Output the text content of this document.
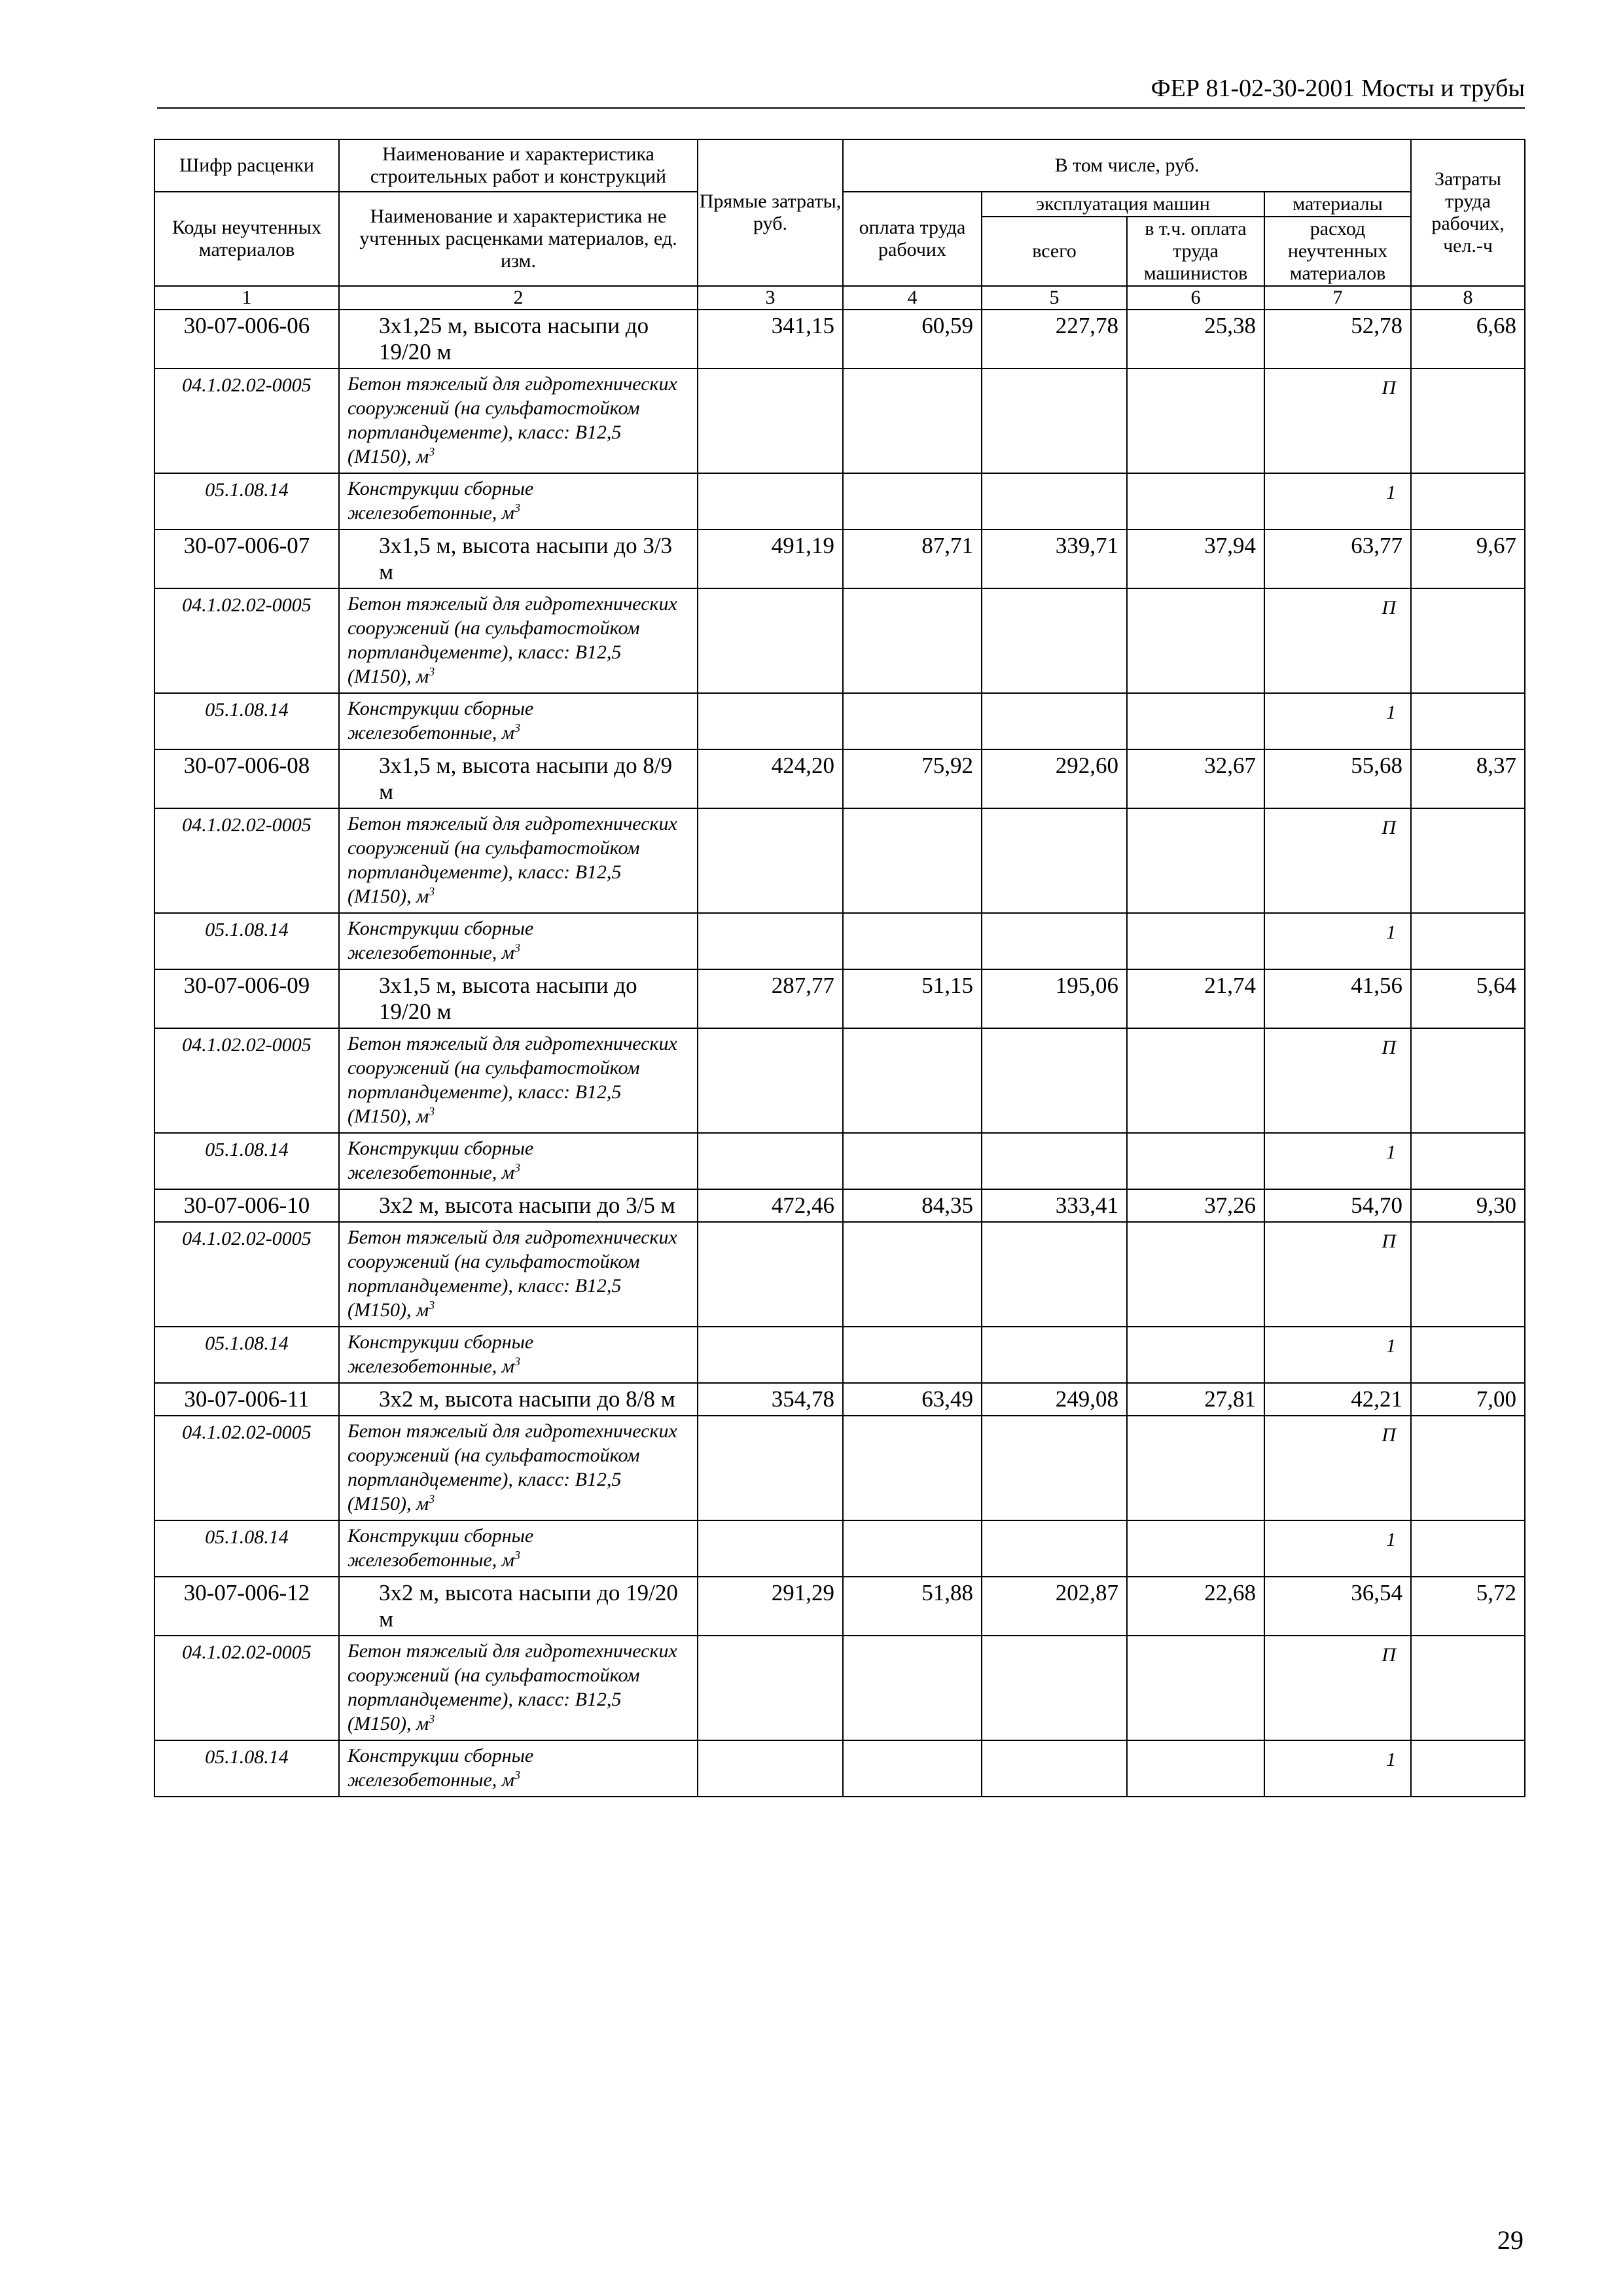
ФЕР 81-02-30-2001 Мосты и трубы
Шифр расценки	Наименование и характеристика строительных работ и конструкций	Прямые затраты, руб.	В том числе, руб.				Затраты труда рабочих, чел.-ч
Коды неучтенных материалов	Наименование и характеристика не учтенных расценками материалов, ед. изм.		оплата труда рабочих	эксплуатация машин		материалы	
				всего	в т.ч. оплата труда машинистов	расход неучтенных материалов	
1	2	3	4	5	6	7	8
30-07-006-06	3х1,25 м, высота насыпи до 19/20 м	341,15	60,59	227,78	25,38	52,78	6,68
04.1.02.02-0005	Бетон тяжелый для гидротехнических сооружений (на сульфатостойком портландцементе), класс: В12,5 (М150), $м^3$					П	
05.1.08.14	Конструкции сборные железобетонные, $м^3$					1	
30-07-006-07	3х1,5 м, высота насыпи до 3/3 м	491,19	87,71	339,71	37,94	63,77	9,67
04.1.02.02-0005	Бетон тяжелый для гидротехнических сооружений (на сульфатостойком портландцементе), класс: В12,5 (М150), $м^3$					П	
05.1.08.14	Конструкции сборные железобетонные, $м^3$					1	
30-07-006-08	3х1,5 м, высота насыпи до 8/9 м	424,20	75,92	292,60	32,67	55,68	8,37
04.1.02.02-0005	Бетон тяжелый для гидротехнических сооружений (на сульфатостойком портландцементе), класс: В12,5 (М150), $м^3$					П	
05.1.08.14	Конструкции сборные железобетонные, $м^3$					1	
30-07-006-09	3х1,5 м, высота насыпи до 19/20 м	287,77	51,15	195,06	21,74	41,56	5,64
04.1.02.02-0005	Бетон тяжелый для гидротехнических сооружений (на сульфатостойком портландцементе), класс: В12,5 (М150), $м^3$					П	
05.1.08.14	Конструкции сборные железобетонные, $м^3$					1	
30-07-006-10	3х2 м, высота насыпи до 3/5 м	472,46	84,35	333,41	37,26	54,70	9,30
04.1.02.02-0005	Бетон тяжелый для гидротехнических сооружений (на сульфатостойком портландцементе), класс: В12,5 (М150), $м^3$					П	
05.1.08.14	Конструкции сборные железобетонные, $м^3$					1	
30-07-006-11	3х2 м, высота насыпи до 8/8 м	354,78	63,49	249,08	27,81	42,21	7,00
04.1.02.02-0005	Бетон тяжелый для гидротехнических сооружений (на сульфатостойком портландцементе), класс: В12,5 (М150), $м^3$					П	
05.1.08.14	Конструкции сборные железобетонные, $м^3$					1	
30-07-006-12	3х2 м, высота насыпи до 19/20 м	291,29	51,88	202,87	22,68	36,54	5,72
04.1.02.02-0005	Бетон тяжелый для гидротехнических сооружений (на сульфатостойком портландцементе), класс: В12,5 (М150), $м^3$					П	
05.1.08.14	Конструкции сборные железобетонные, $м^3$					1	
29
